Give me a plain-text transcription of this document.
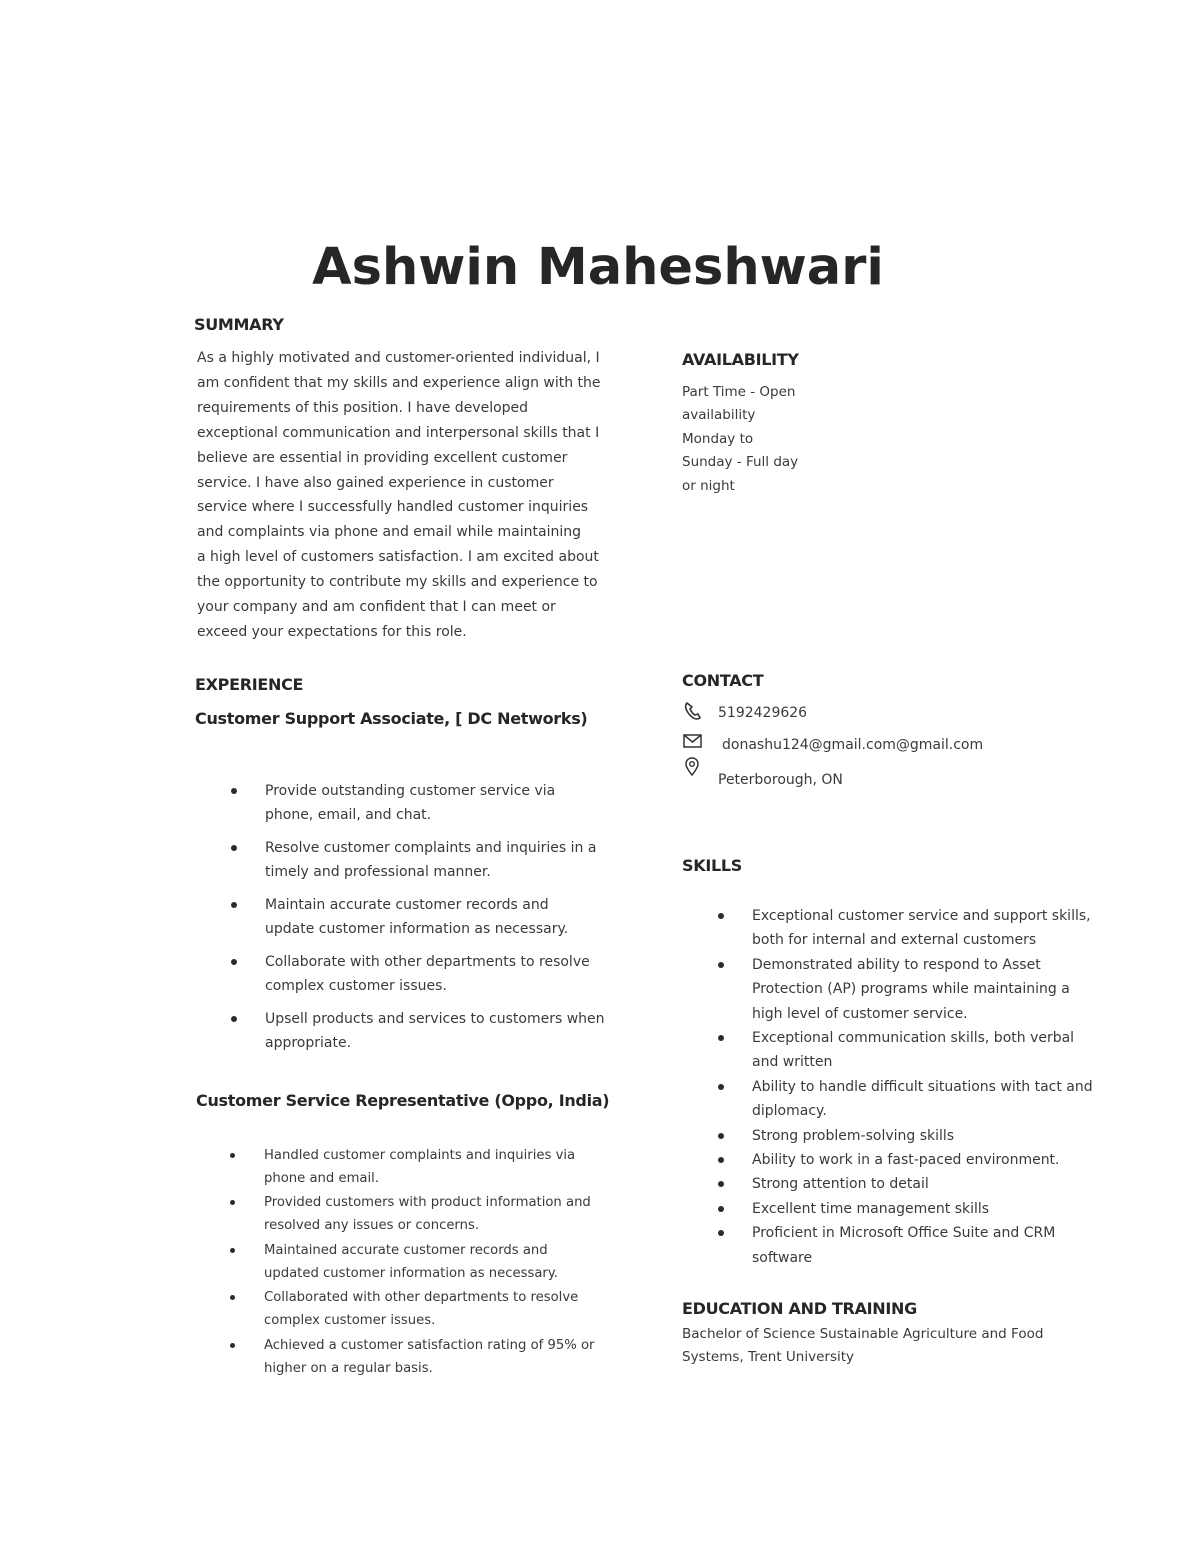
Ashwin Maheshwari
SUMMARY
As a highly motivated and customer-oriented individual, I
am confident that my skills and experience align with the
requirements of this position. I have developed
exceptional communication and interpersonal skills that I
believe are essential in providing excellent customer
service. I have also gained experience in customer
service where I successfully handled customer inquiries
and complaints via phone and email while maintaining
a high level of customers satisfaction. I am excited about
the opportunity to contribute my skills and experience to
your company and am confident that I can meet or
exceed your expectations for this role.
AVAILABILITY
Part Time - Open
availability
Monday to
Sunday - Full day
or night
EXPERIENCE
Customer Support Associate, [ DC Networks)
Provide outstanding customer service via
phone, email, and chat.
Resolve customer complaints and inquiries in a
timely and professional manner.
Maintain accurate customer records and
update customer information as necessary.
Collaborate with other departments to resolve
complex customer issues.
Upsell products and services to customers when
appropriate.
Customer Service Representative (Oppo, India)
Handled customer complaints and inquiries via
phone and email.
Provided customers with product information and
resolved any issues or concerns.
Maintained accurate customer records and
updated customer information as necessary.
Collaborated with other departments to resolve
complex customer issues.
Achieved a customer satisfaction rating of 95% or
higher on a regular basis.
CONTACT
5192429626
donashu124@gmail.com@gmail.com
Peterborough, ON
SKILLS
Exceptional customer service and support skills,
both for internal and external customers
Demonstrated ability to respond to Asset
Protection (AP) programs while maintaining a
high level of customer service.
Exceptional communication skills, both verbal
and written
Ability to handle difficult situations with tact and
diplomacy.
Strong problem-solving skills
Ability to work in a fast-paced environment.
Strong attention to detail
Excellent time management skills
Proficient in Microsoft Office Suite and CRM
software
EDUCATION AND TRAINING
Bachelor of Science Sustainable Agriculture and Food
Systems, Trent University
